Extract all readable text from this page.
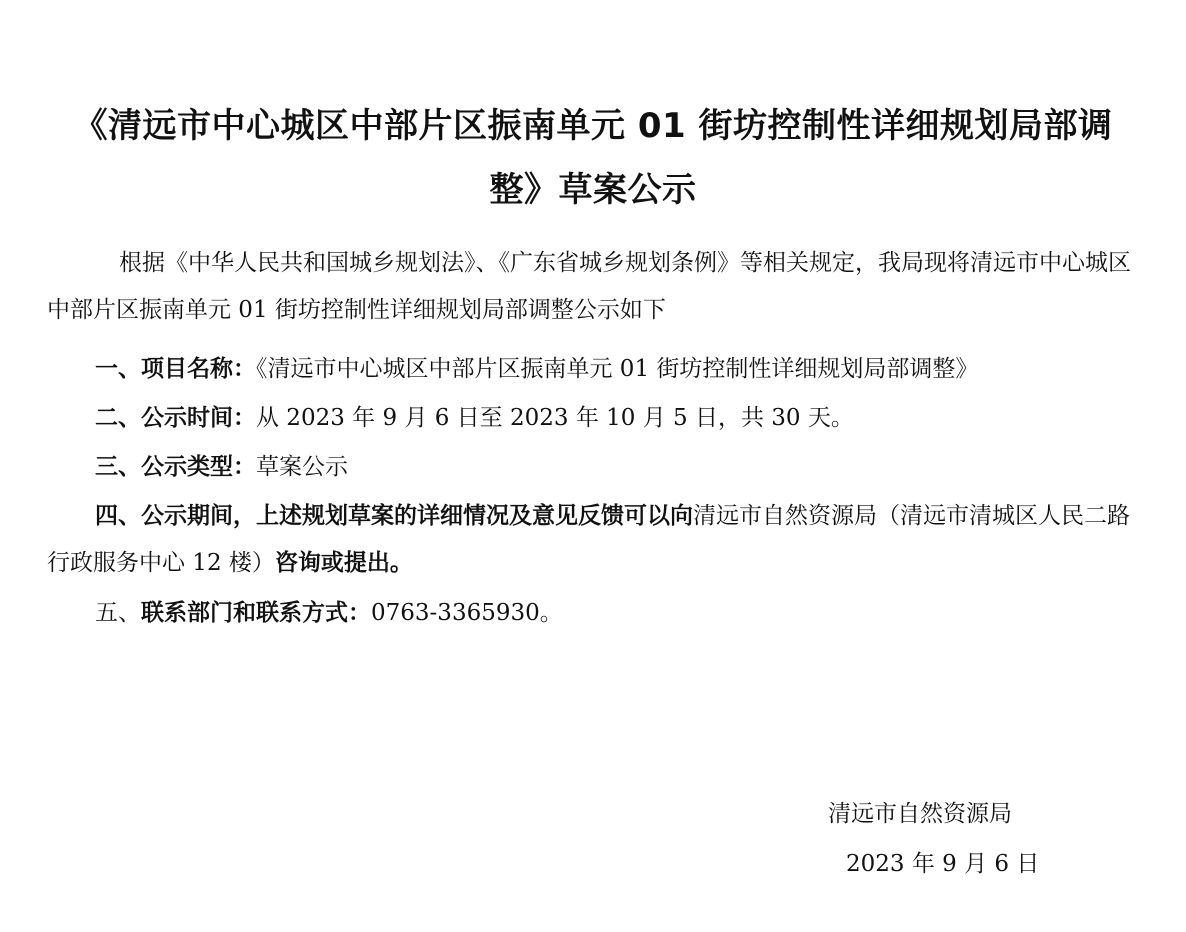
《清远市中心城区中部片区振南单元 01 街坊控制性详细规划局部调
整》草案公示
根据《中华人民共和国城乡规划法》、《广东省城乡规划条例》等相关规定，我局现将清远市中心城区中部片区振南单元 01 街坊控制性详细规划局部调整公示如下
一、项目名称：《清远市中心城区中部片区振南单元 01 街坊控制性详细规划局部调整》
二、公示时间：从 2023 年 9 月 6 日至 2023 年 10 月 5 日，共 30 天。
三、公示类型：草案公示
四、公示期间，上述规划草案的详细情况及意见反馈可以向清远市自然资源局（清远市清城区人民二路行政服务中心 12 楼）咨询或提出。
五、联系部门和联系方式：0763-3365930。
清远市自然资源局
2023 年 9 月 6 日
